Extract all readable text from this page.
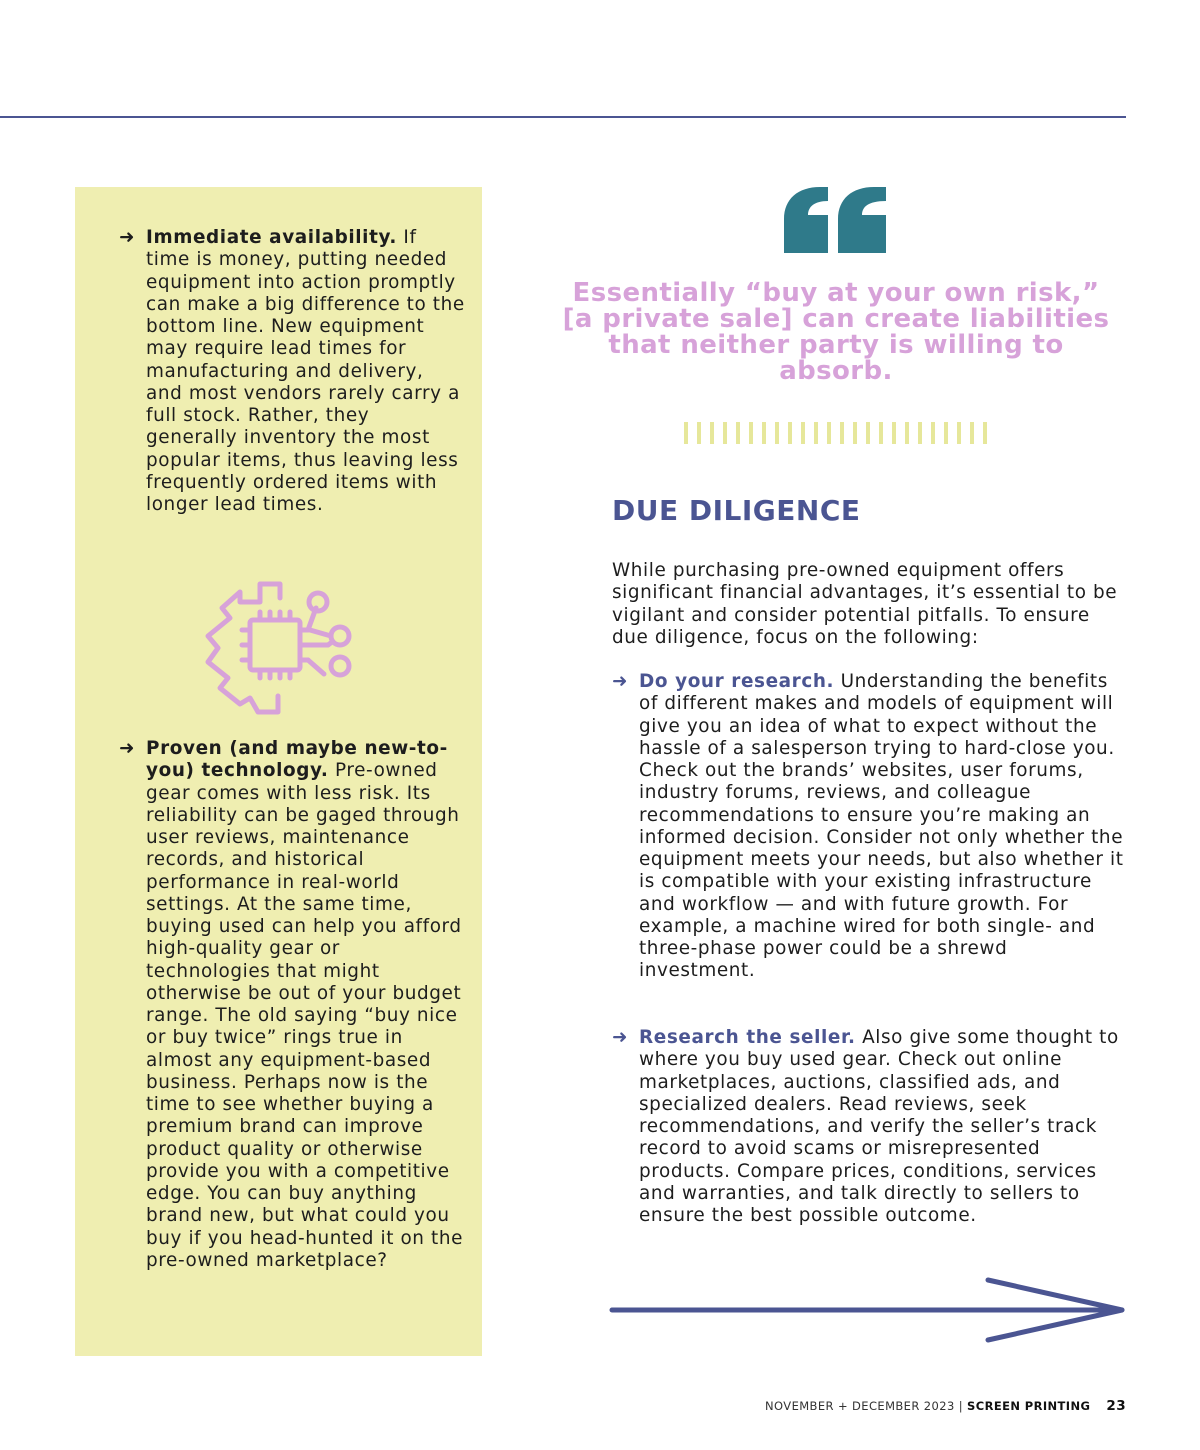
➜ Immediate availability. If time is money, putting needed equipment into action promptly can make a big difference to the bottom line. New equipment may require lead times for manufacturing and delivery, and most vendors rarely carry a full stock. Rather, they generally inventory the most popular items, thus leaving less frequently ordered items with longer lead times.
➜ Proven (and maybe new-to-you) technology. Pre-owned gear comes with less risk. Its reliability can be gaged through user reviews, maintenance records, and historical performance in real-world settings. At the same time, buying used can help you afford high-quality gear or technologies that might otherwise be out of your budget range. The old saying “buy nice or buy twice” rings true in almost any equipment-based business. Perhaps now is the time to see whether buying a premium brand can improve product quality or otherwise provide you with a competitive edge. You can buy anything brand new, but what could you buy if you head-hunted it on the pre-owned marketplace?
Essentially “buy at your own risk,”
[a private sale] can create liabilities
that neither party is willing to
absorb.
DUE DILIGENCE

While purchasing pre-owned equipment offers significant financial advantages, it’s essential to be vigilant and consider potential pitfalls. To ensure due diligence, focus on the following:

➜ Do your research. Understanding the benefits of different makes and models of equipment will give you an idea of what to expect without the hassle of a salesperson trying to hard-close you. Check out the brands’ websites, user forums, industry forums, reviews, and colleague recommendations to ensure you’re making an informed decision. Consider not only whether the equipment meets your needs, but also whether it is compatible with your existing infrastructure and workflow — and with future growth. For example, a machine wired for both single- and three-phase power could be a shrewd investment.
➜ Research the seller. Also give some thought to where you buy used gear. Check out online marketplaces, auctions, classified ads, and specialized dealers. Read reviews, seek recommendations, and verify the seller’s track record to avoid scams or misrepresented products. Compare prices, conditions, services and warranties, and talk directly to sellers to ensure the best possible outcome.
NOVEMBER + DECEMBER 2023 | SCREEN PRINTING 23
